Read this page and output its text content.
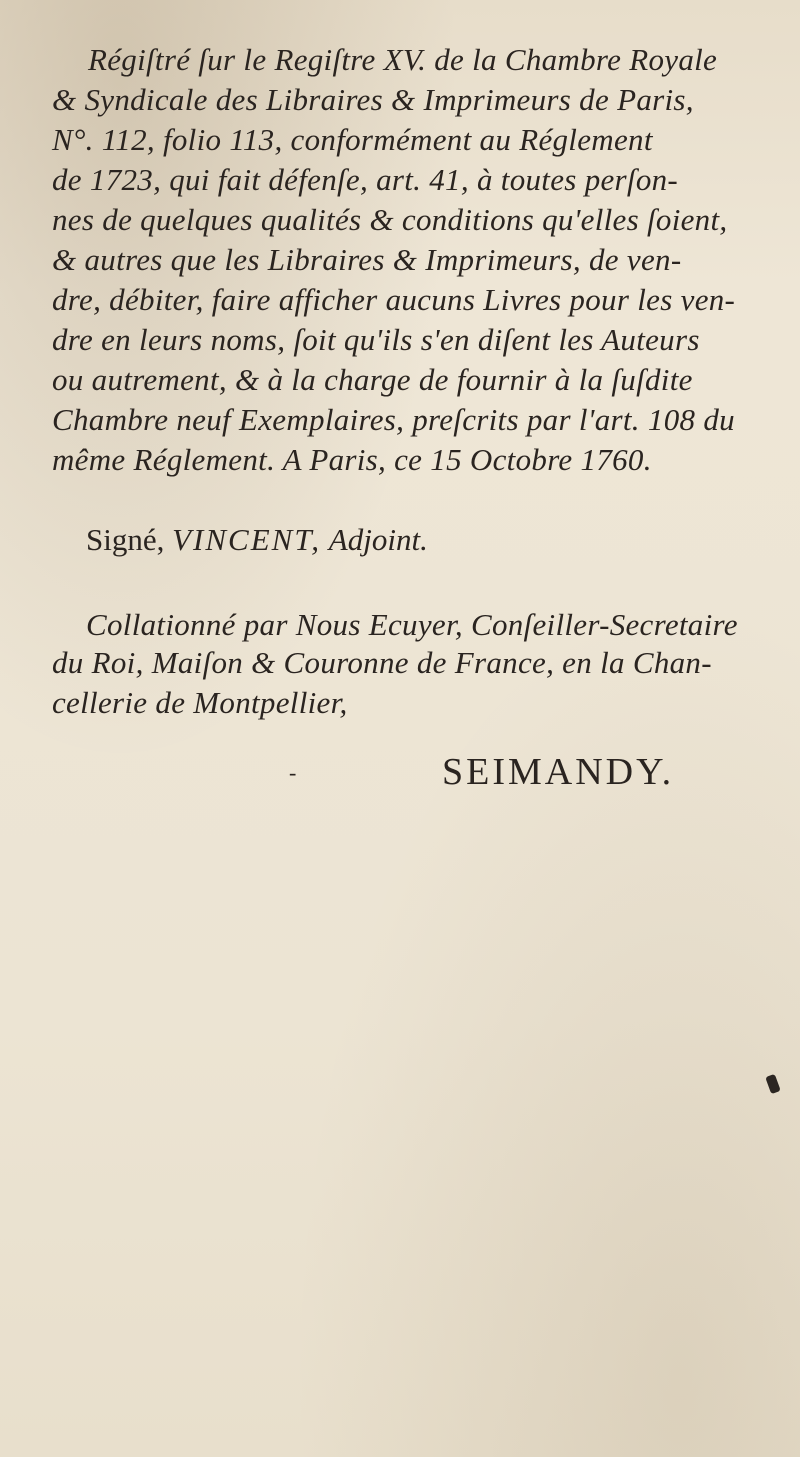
Régiſtré ſur le Regiſtre XV. de la Chambre Royale
& Syndicale des Libraires & Imprimeurs de Paris,
N°. 112, folio 113, conformément au Réglement
de 1723, qui fait défenſe, art. 41, à toutes perſon-
nes de quelques qualités & conditions qu'elles ſoient,
& autres que les Libraires & Imprimeurs, de ven-
dre, débiter, faire afficher aucuns Livres pour les ven-
dre en leurs noms, ſoit qu'ils s'en diſent les Auteurs
ou autrement, & à la charge de fournir à la ſuſdite
Chambre neuf Exemplaires, preſcrits par l'art. 108 du
même Réglement. A Paris, ce 15 Octobre 1760.
Signé, VINCENT, Adjoint.
Collationné par Nous Ecuyer, Conſeiller-Secretaire
du Roi, Maiſon & Couronne de France, en la Chan-
cellerie de Montpellier,
-	SEIMANDY.
